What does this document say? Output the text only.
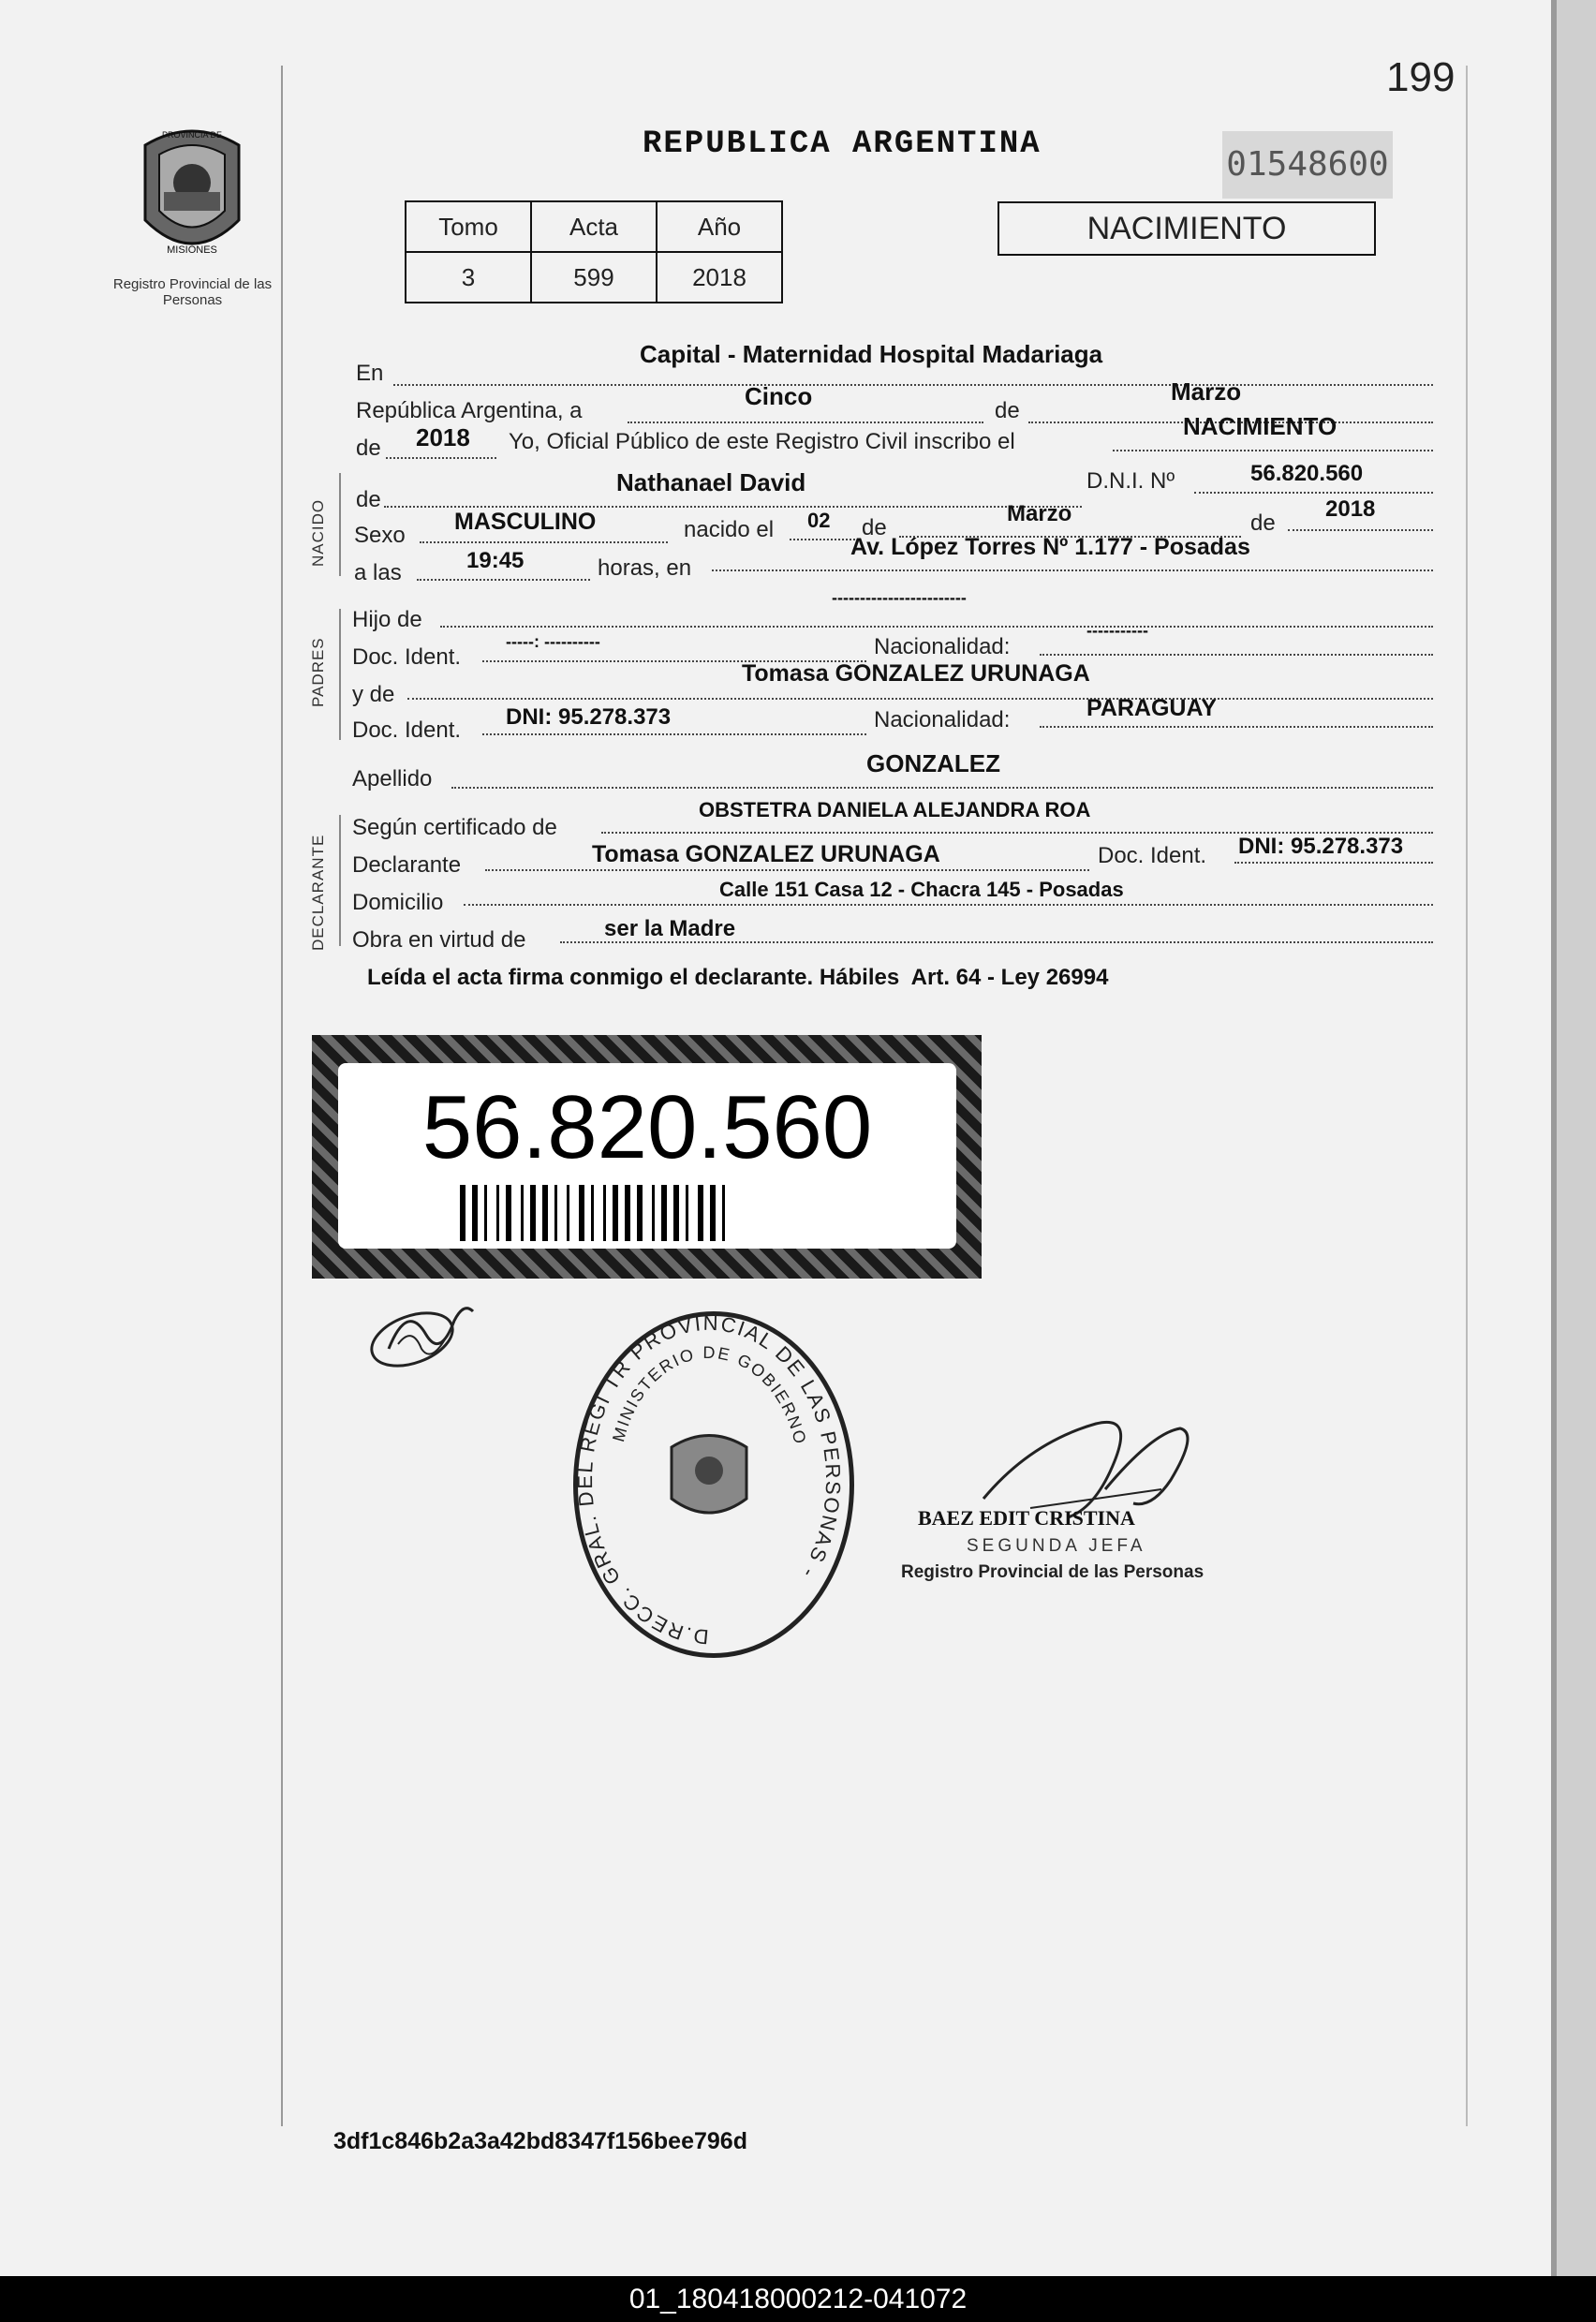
199
PROVINCIA DE
MISIONES
Registro Provincial de las Personas
REPUBLICA ARGENTINA
01548600
Tomo	Acta	Año
3	599	2018
NACIMIENTO
En
Capital - Maternidad Hospital Madariaga
República Argentina, a
Cinco
de
Marzo
de 2018 Yo, Oficial Público de este Registro Civil inscribo el
NACIMIENTO
NACIDO de
Nathanael David	D.N.I. Nº	56.820.560
Sexo
MASCULINO	nacido el 02 de
Marzo	de
2018
a las	19:45	horas, en
Av. López Torres Nº 1.177 - Posadas
PADRES
Hijo de
------------------------
Doc. Ident.
-----: ----------	Nacionalidad:
-----------
y de
Tomasa GONZALEZ URUNAGA
Doc. Ident.
DNI: 95.278.373	Nacionalidad:	PARAGUAY
Apellido
GONZALEZ
DECLARANTE
Según certificado de
OBSTETRA DANIELA ALEJANDRA ROA
Declarante	Tomasa GONZALEZ URUNAGA	Doc. Ident. DNI: 95.278.373
Domicilio
Calle 151 Casa 12 - Chacra 145 - Posadas
Obra en virtud de	ser la Madre
Leída el acta firma conmigo el declarante. Hábiles  Art. 64 - Ley 26994
56.820.560
D.RECC. GRAL. DEL REGI TR PROVINCIAL DE LAS PERSONAS -
MINISTERIO DE GOBIERNO
BAEZ EDIT CRISTINA
SEGUNDA JEFA
Registro Provincial de las Personas
3df1c846b2a3a42bd8347f156bee796d
01_180418000212-041072
